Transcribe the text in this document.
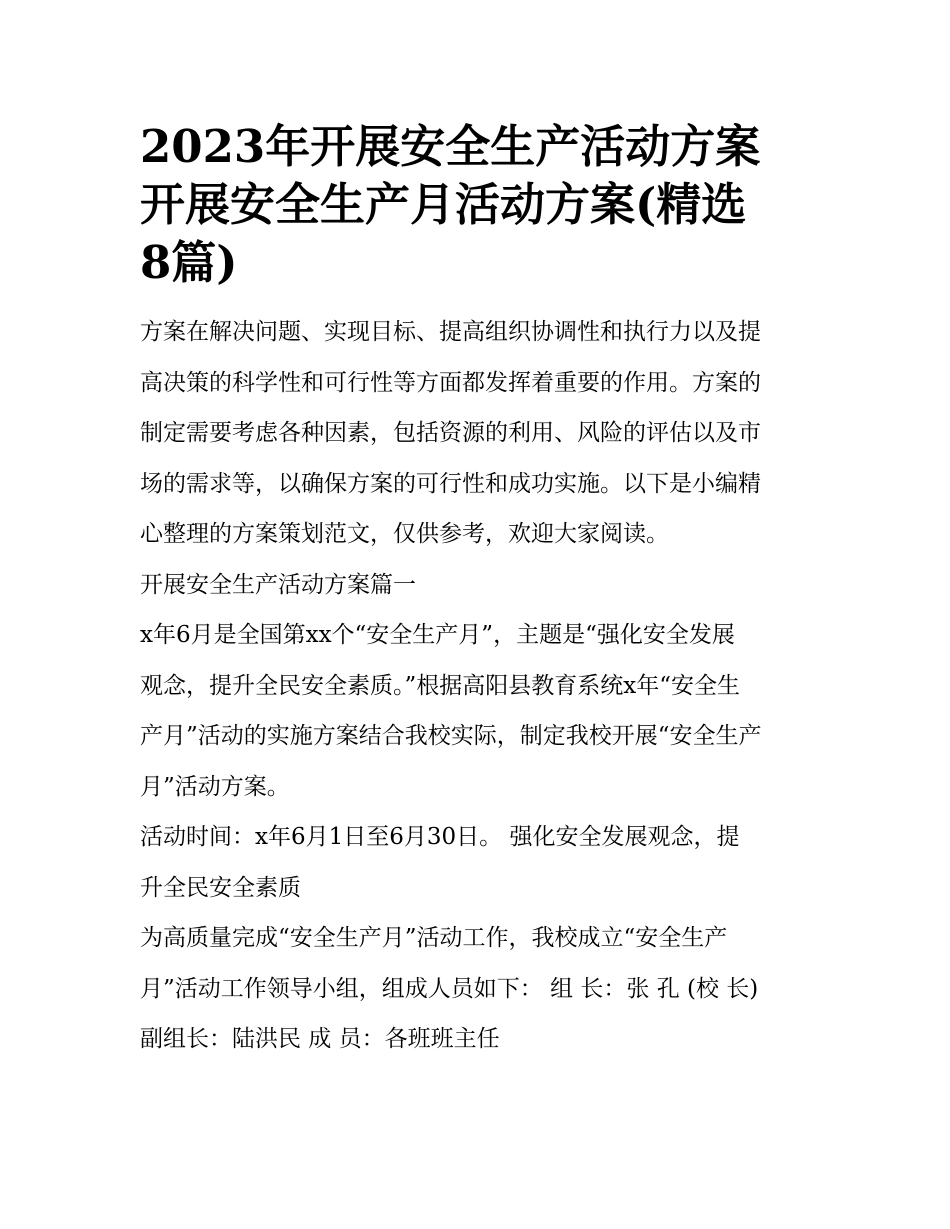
2023年开展安全生产活动方案
开展安全生产月活动方案(精选
8篇)

方案在解决问题、实现目标、提高组织协调性和执行力以及提
高决策的科学性和可行性等方面都发挥着重要的作用。方案的
制定需要考虑各种因素，包括资源的利用、风险的评估以及市
场的需求等，以确保方案的可行性和成功实施。以下是小编精
心整理的方案策划范文，仅供参考，欢迎大家阅读。

开展安全生产活动方案篇一

x年6月是全国第xx个“安全生产月”，主题是“强化安全发展
观念，提升全民安全素质。”根据高阳县教育系统x年“安全生
产月”活动的实施方案结合我校实际，制定我校开展“安全生产
月”活动方案。

活动时间：x年6月1日至6月30日。 强化安全发展观念，提
升全民安全素质

为高质量完成“安全生产月”活动工作，我校成立“安全生产
月”活动工作领导小组，组成人员如下： 组 长：张 孔 (校 长)
副组长：陆洪民 成 员：各班班主任
